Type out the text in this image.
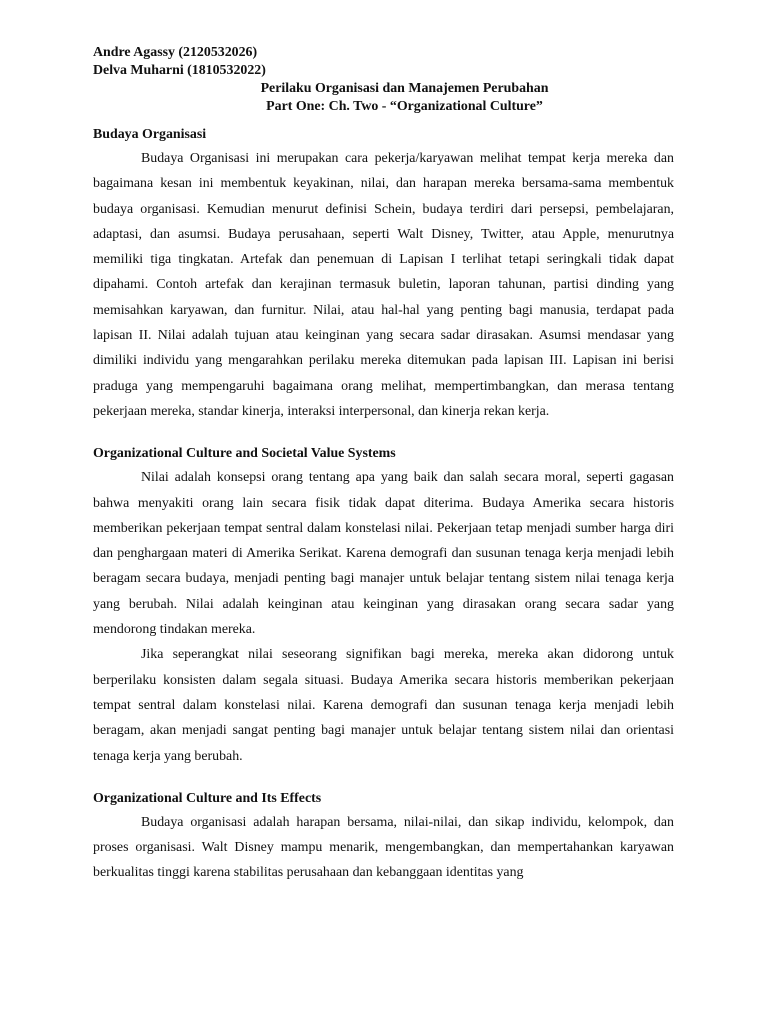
Andre Agassy (2120532026)
Delva Muharni (1810532022)
Perilaku Organisasi dan Manajemen Perubahan
Part One: Ch. Two - “Organizational Culture”
Budaya Organisasi

Budaya Organisasi ini merupakan cara pekerja/karyawan melihat tempat kerja mereka dan bagaimana kesan ini membentuk keyakinan, nilai, dan harapan mereka bersama-sama membentuk budaya organisasi. Kemudian menurut definisi Schein, budaya terdiri dari persepsi, pembelajaran, adaptasi, dan asumsi. Budaya perusahaan, seperti Walt Disney, Twitter, atau Apple, menurutnya memiliki tiga tingkatan. Artefak dan penemuan di Lapisan I terlihat tetapi seringkali tidak dapat dipahami. Contoh artefak dan kerajinan termasuk buletin, laporan tahunan, partisi dinding yang memisahkan karyawan, dan furnitur. Nilai, atau hal-hal yang penting bagi manusia, terdapat pada lapisan II. Nilai adalah tujuan atau keinginan yang secara sadar dirasakan. Asumsi mendasar yang dimiliki individu yang mengarahkan perilaku mereka ditemukan pada lapisan III. Lapisan ini berisi praduga yang mempengaruhi bagaimana orang melihat, mempertimbangkan, dan merasa tentang pekerjaan mereka, standar kinerja, interaksi interpersonal, dan kinerja rekan kerja.

Organizational Culture and Societal Value Systems

Nilai adalah konsepsi orang tentang apa yang baik dan salah secara moral, seperti gagasan bahwa menyakiti orang lain secara fisik tidak dapat diterima. Budaya Amerika secara historis memberikan pekerjaan tempat sentral dalam konstelasi nilai. Pekerjaan tetap menjadi sumber harga diri dan penghargaan materi di Amerika Serikat. Karena demografi dan susunan tenaga kerja menjadi lebih beragam secara budaya, menjadi penting bagi manajer untuk belajar tentang sistem nilai tenaga kerja yang berubah. Nilai adalah keinginan atau keinginan yang dirasakan orang secara sadar yang mendorong tindakan mereka.

Jika seperangkat nilai seseorang signifikan bagi mereka, mereka akan didorong untuk berperilaku konsisten dalam segala situasi. Budaya Amerika secara historis memberikan pekerjaan tempat sentral dalam konstelasi nilai. Karena demografi dan susunan tenaga kerja menjadi lebih beragam, akan menjadi sangat penting bagi manajer untuk belajar tentang sistem nilai dan orientasi tenaga kerja yang berubah.

Organizational Culture and Its Effects

Budaya organisasi adalah harapan bersama, nilai-nilai, dan sikap individu, kelompok, dan proses organisasi. Walt Disney mampu menarik, mengembangkan, dan mempertahankan karyawan berkualitas tinggi karena stabilitas perusahaan dan kebanggaan identitas yang
